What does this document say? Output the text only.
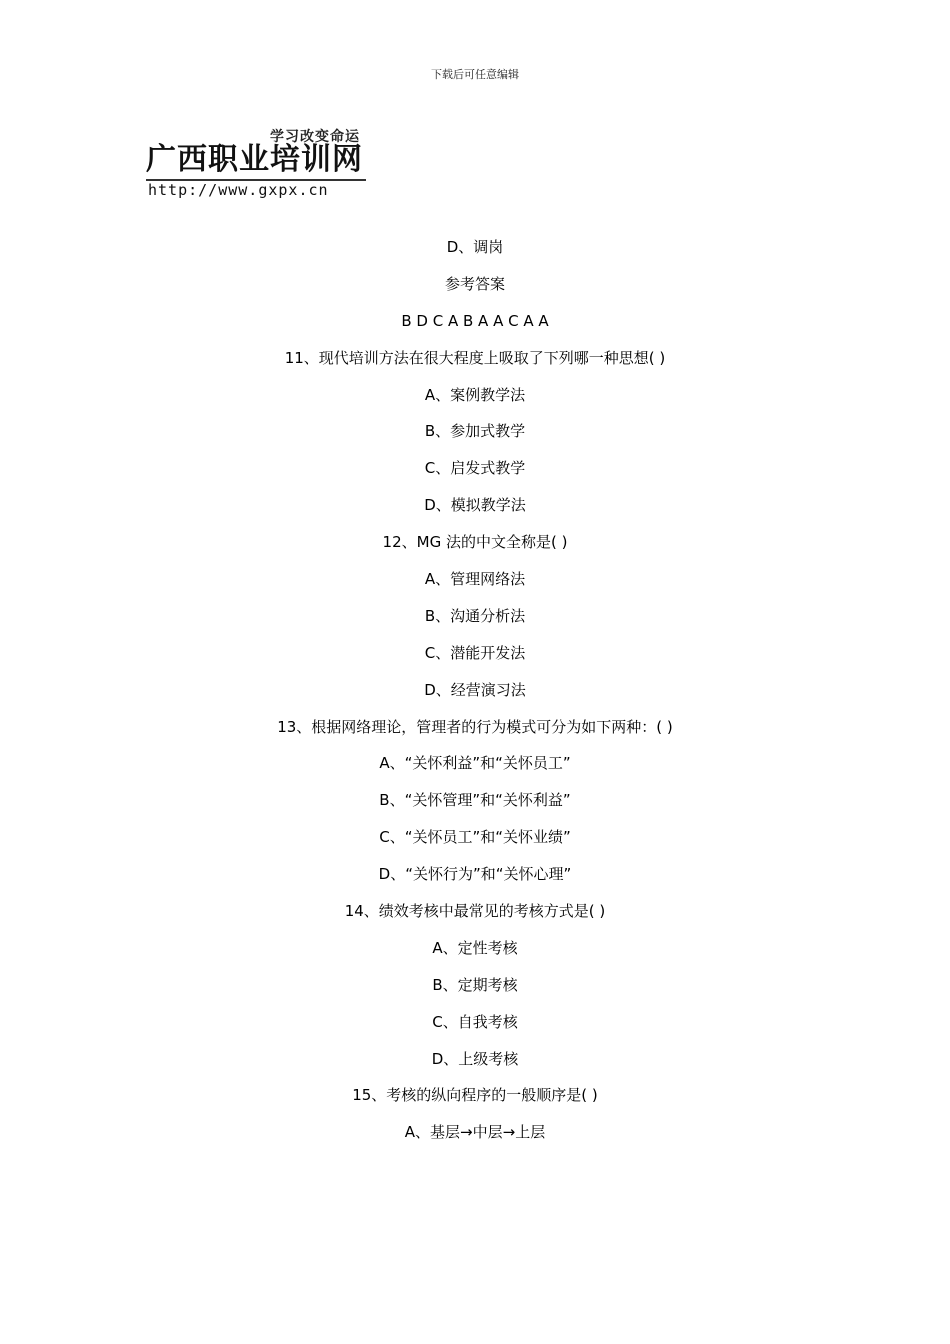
下载后可任意编辑

学习改变命运
广西职业培训网
http://www.gxpx.cn
D、调岗
参考答案
B D C A B A A C A A
11、现代培训方法在很大程度上吸取了下列哪一种思想( )
A、案例教学法
B、参加式教学
C、启发式教学
D、模拟教学法
12、MG 法的中文全称是( )
A、管理网络法
B、沟通分析法
C、潜能开发法
D、经营演习法
13、根据网络理论，管理者的行为模式可分为如下两种：( )
A、“关怀利益”和“关怀员工”
B、“关怀管理”和“关怀利益”
C、“关怀员工”和“关怀业绩”
D、“关怀行为”和“关怀心理”
14、绩效考核中最常见的考核方式是( )
A、定性考核
B、定期考核
C、自我考核
D、上级考核
15、考核的纵向程序的一般顺序是( )
A、基层→中层→上层
